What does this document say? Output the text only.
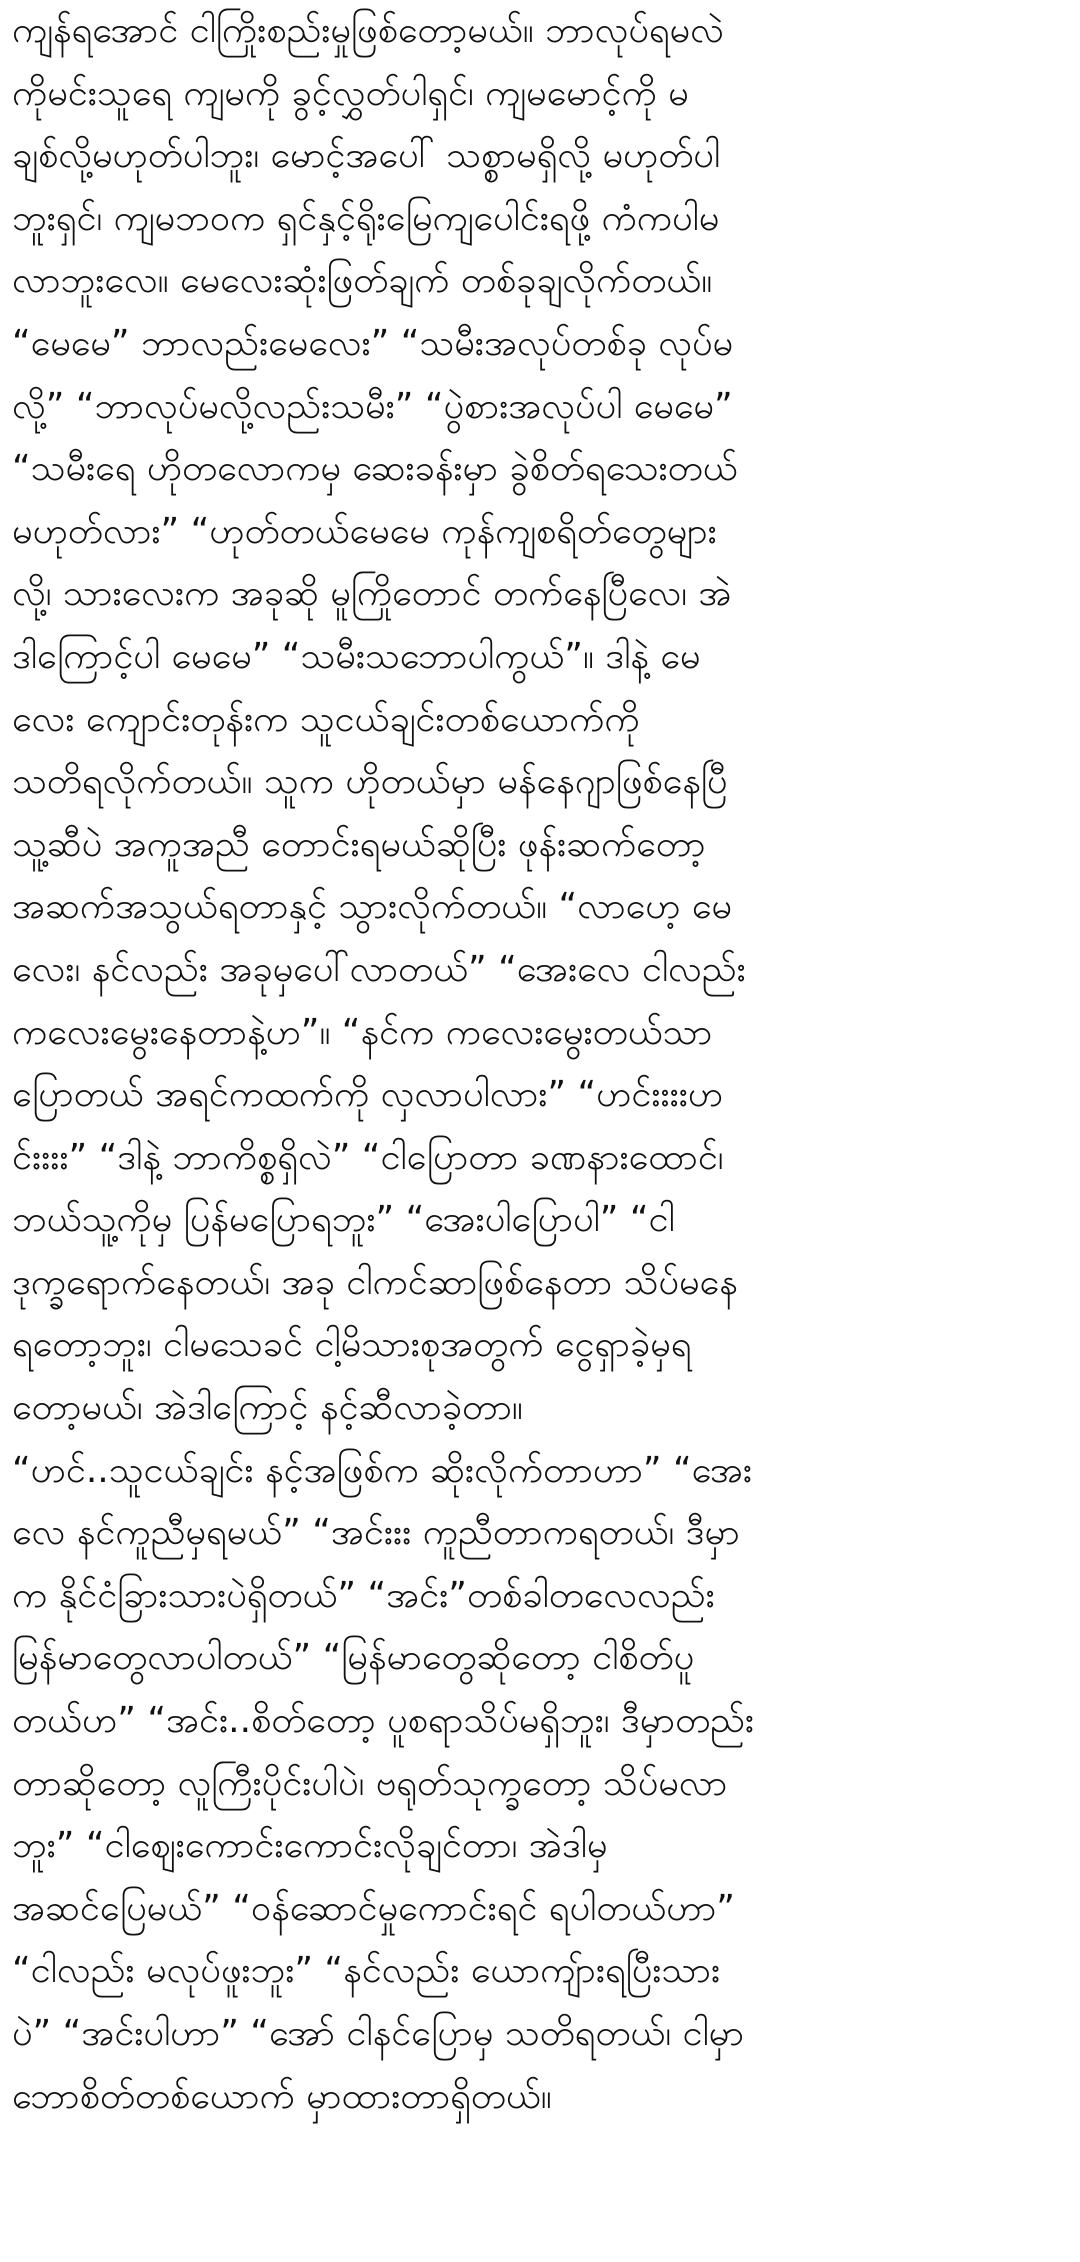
ကျန်ရအောင် ငါကြိုးစည်းမှုဖြစ်တော့မယ်။ ဘာလုပ်ရမလဲ
ကိုမင်းသူရေ ကျမကို ခွင့်လွှတ်ပါရှင်၊ ကျမမောင့်ကို မ
ချစ်လို့မဟုတ်ပါဘူး၊ မောင့်အပေါ် သစ္စာမရှိလို့ မဟုတ်ပါ
ဘူးရှင်၊ ကျမဘဝက ရှင်နှင့်ရိုးမြေကျပေါင်းရဖို့ ကံကပါမ
လာဘူးလေ။ မေလေးဆုံးဖြတ်ချက် တစ်ခုချလိုက်တယ်။
“မေမေ” ဘာလည်းမေလေး” “သမီးအလုပ်တစ်ခု လုပ်မ
လို့” “ဘာလုပ်မလို့လည်းသမီး” “ပွဲစားအလုပ်ပါ မေမေ”
“သမီးရေ ဟိုတလောကမှ ဆေးခန်းမှာ ခွဲစိတ်ရသေးတယ်
မဟုတ်လား” “ဟုတ်တယ်မေမေ ကုန်ကျစရိတ်တွေများ
လို့၊ သားလေးက အခုဆို မူကြိုတောင် တက်နေပြီလေ၊ အဲ
ဒါကြောင့်ပါ မေမေ” “သမီးသဘောပါကွယ်”။ ဒါနဲ့ မေ
လေး ကျောင်းတုန်းက သူငယ်ချင်းတစ်ယောက်ကို
သတိရလိုက်တယ်။ သူက ဟိုတယ်မှာ မန်နေဂျာဖြစ်နေပြီ
သူ့ဆီပဲ အကူအညီ တောင်းရမယ်ဆိုပြီး ဖုန်းဆက်တော့
အဆက်အသွယ်ရတာနှင့် သွားလိုက်တယ်။ “လာဟေ့ မေ
လေး၊ နင်လည်း အခုမှပေါ်လာတယ်” “အေးလေ ငါလည်း
ကလေးမွေးနေတာနဲ့ဟ”။ “နင်က ကလေးမွေးတယ်သာ
ပြောတယ် အရင်ကထက်ကို လှလာပါလား” “ဟင်းးးးဟ
င်းးးး” “ဒါနဲ့ ဘာကိစ္စရှိလဲ” “ငါပြောတာ ခဏနားထောင်၊
ဘယ်သူ့ကိုမှ ပြန်မပြောရဘူး” “အေးပါပြောပါ” “ငါ
ဒုက္ခရောက်နေတယ်၊ အခု ငါကင်ဆာဖြစ်နေတာ သိပ်မနေ
ရတော့ဘူး၊ ငါမသေခင် ငါ့မိသားစုအတွက် ငွေရှာခဲ့မှရ
တော့မယ်၊ အဲဒါကြောင့် နင့်ဆီလာခဲ့တာ။
“ဟင်..သူငယ်ချင်း နင့်အဖြစ်က ဆိုးလိုက်တာဟာ” “အေး
လေ နင်ကူညီမှရမယ်” “အင်းးး ကူညီတာကရတယ်၊ ဒီမှာ
က နိုင်ငံခြားသားပဲရှိတယ်” “အင်း”တစ်ခါတလေလည်း
မြန်မာတွေလာပါတယ်” “မြန်မာတွေဆိုတော့ ငါစိတ်ပူ
တယ်ဟ” “အင်း..စိတ်တော့ ပူစရာသိပ်မရှိဘူး၊ ဒီမှာတည်း
တာဆိုတော့ လူကြီးပိုင်းပါပဲ၊ ဗရုတ်သုက္ခတော့ သိပ်မလာ
ဘူး” “ငါဈေးကောင်းကောင်းလိုချင်တာ၊ အဲဒါမှ
အဆင်ပြေမယ်” “ဝန်ဆောင်မှုကောင်းရင် ရပါတယ်ဟာ”
“ငါလည်း မလုပ်ဖူးဘူး” “နင်လည်း ယောကျ်ားရပြီးသား
ပဲ” “အင်းပါဟာ” “အော် ငါနင်ပြောမှ သတိရတယ်၊ ငါမှာ
ဘောစိတ်တစ်ယောက် မှာထားတာရှိတယ်။
